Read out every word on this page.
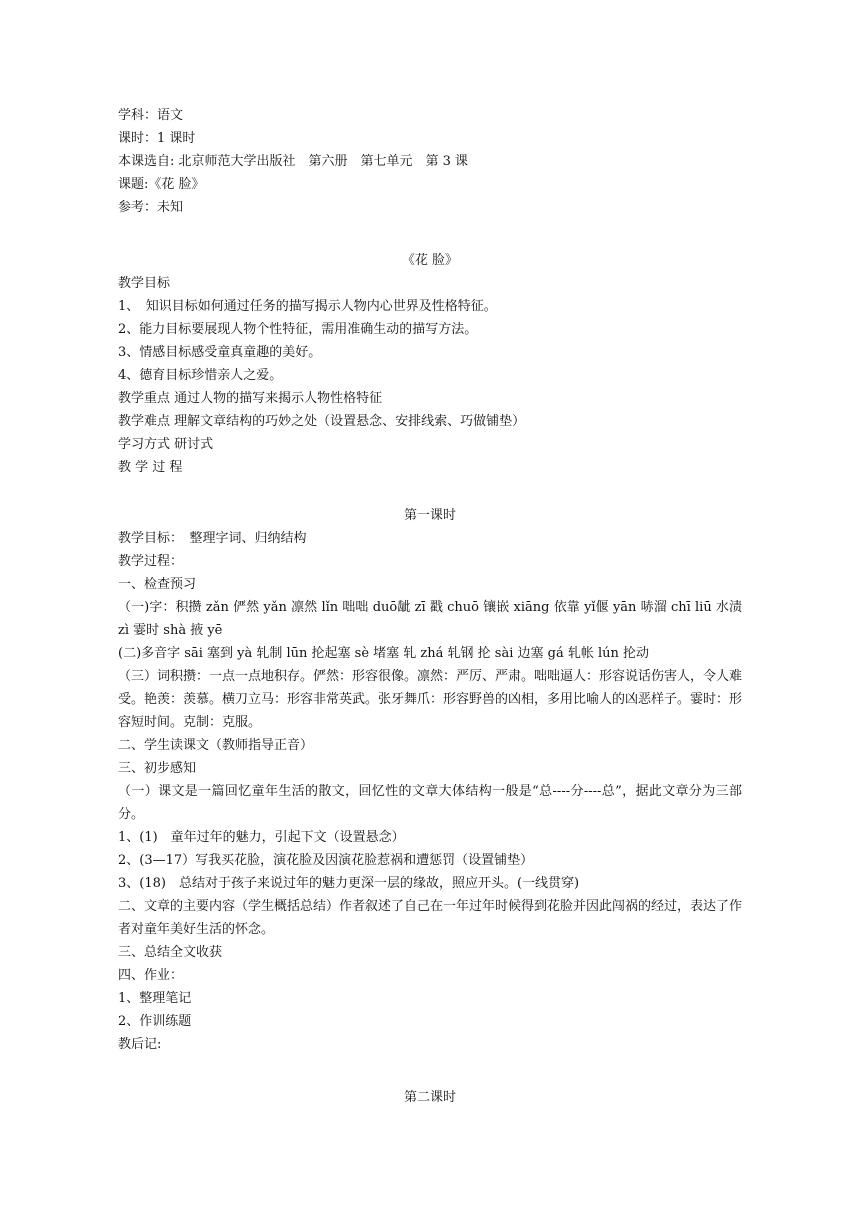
学科：语文
课时：1 课时
本课选自: 北京师范大学出版社　第六册　第七单元　第 3 课
课题:《花 脸》
参考：未知
《花 脸》
教学目标
1、　知识目标如何通过任务的描写揭示人物内心世界及性格特征。
2、能力目标要展现人物个性特征，需用准确生动的描写方法。
3、情感目标感受童真童趣的美好。
4、德育目标珍惜亲人之爱。
教学重点 通过人物的描写来揭示人物性格特征
教学难点 理解文章结构的巧妙之处（设置悬念、安排线索、巧做铺垫）
学习方式 研讨式
教 学 过 程
第一课时
教学目标：　整理字词、归纳结构
教学过程：
一、检查预习
（一)字：积攒 zǎn 俨然 yǎn 凛然 lǐn 咄咄 duō龇 zī 戳 chuō 镶嵌 xiāng 依靠 yǐ偃 yān 哧溜 chī liū 水渍 zì 霎时 shà 掖 yē
(二)多音字 sāi 塞到 yà 轧制 lūn 抡起塞 sè 堵塞 轧 zhá 轧钢 抡 sài 边塞 gá 轧帐 lún 抡动
（三）词积攒：一点一点地积存。俨然：形容很像。凛然：严厉、严肃。咄咄逼人：形容说话伤害人，令人难受。艳羡：羡慕。横刀立马：形容非常英武。张牙舞爪：形容野兽的凶相，多用比喻人的凶恶样子。霎时：形容短时间。克制：克服。
二、学生读课文（教师指导正音）
三、初步感知
（一）课文是一篇回忆童年生活的散文，回忆性的文章大体结构一般是“总----分----总”，据此文章分为三部分。
1、(1)　童年过年的魅力，引起下文（设置悬念）
2、(3—17）写我买花脸，演花脸及因演花脸惹祸和遭惩罚（设置铺垫）
3、(18)　总结对于孩子来说过年的魅力更深一层的缘故，照应开头。(一线贯穿)
二、文章的主要内容（学生概括总结）作者叙述了自己在一年过年时候得到花脸并因此闯祸的经过，表达了作者对童年美好生活的怀念。
三、总结全文收获
四、作业：
1、整理笔记
2、作训练题
教后记:
第二课时
